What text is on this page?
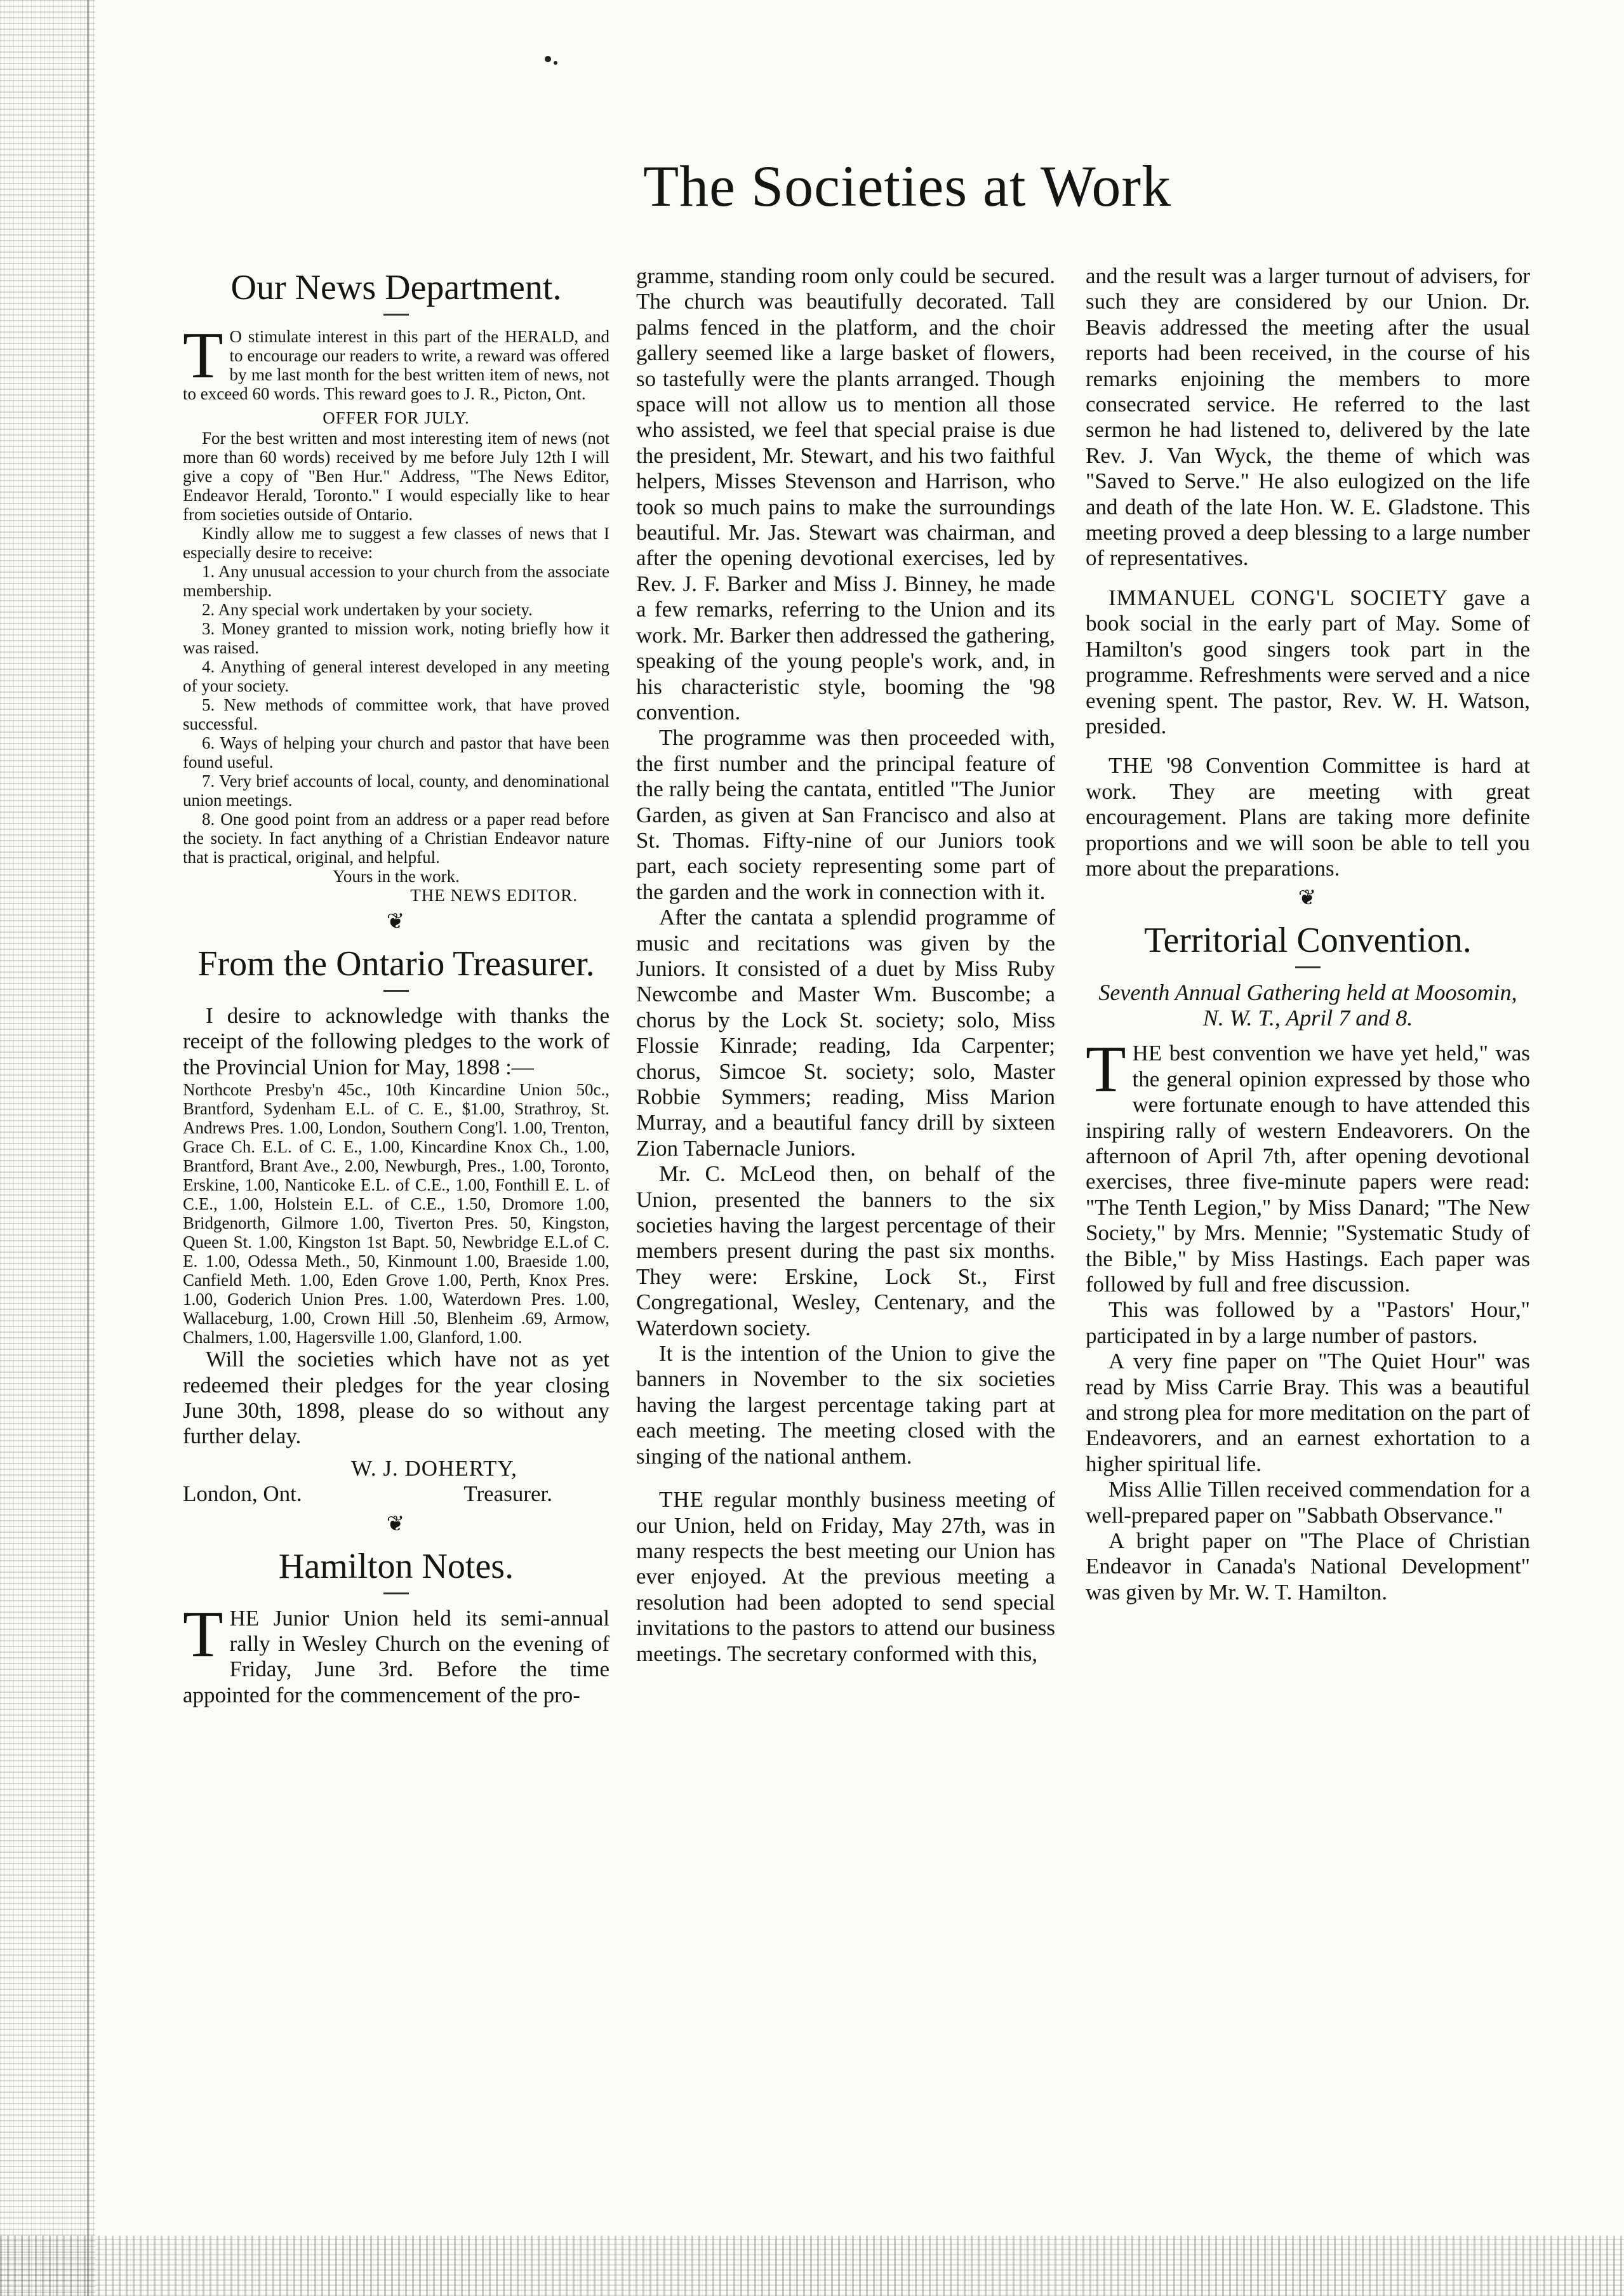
The Societies at Work
Our News Department.

T O stimulate interest in this part of the HERALD, and to encourage our readers to write, a reward was offered by me last month for the best written item of news, not to exceed 60 words. This reward goes to J. R., Picton, Ont.

OFFER FOR JULY.

For the best written and most interesting item of news (not more than 60 words) received by me before July 12th I will give a copy of "Ben Hur." Address, "The News Editor, Endeavor Herald, Toronto." I would especially like to hear from societies outside of Ontario.

Kindly allow me to suggest a few classes of news that I especially desire to receive:

1. Any unusual accession to your church from the associate membership.

2. Any special work undertaken by your society.

3. Money granted to mission work, noting briefly how it was raised.

4. Anything of general interest developed in any meeting of your society.

5. New methods of committee work, that have proved successful.

6. Ways of helping your church and pastor that have been found useful.

7. Very brief accounts of local, county, and denominational union meetings.

8. One good point from an address or a paper read before the society. In fact anything of a Christian Endeavor nature that is practical, original, and helpful.

Yours in the work.

THE NEWS EDITOR.

❦
From the Ontario Treasurer.

I desire to acknowledge with thanks the receipt of the following pledges to the work of the Provincial Union for May, 1898 :—

Northcote Presby'n 45c., 10th Kincardine Union 50c., Brantford, Sydenham E.L. of C. E., $1.00, Strathroy, St. Andrews Pres. 1.00, London, Southern Cong'l. 1.00, Trenton, Grace Ch. E.L. of C. E., 1.00, Kincardine Knox Ch., 1.00, Brantford, Brant Ave., 2.00, Newburgh, Pres., 1.00, Toronto, Erskine, 1.00, Nanticoke E.L. of C.E., 1.00, Fonthill E. L. of C.E., 1.00, Holstein E.L. of C.E., 1.50, Dromore 1.00, Bridgenorth, Gilmore 1.00, Tiverton Pres. 50, Kingston, Queen St. 1.00, Kingston 1st Bapt. 50, Newbridge E.L.of C. E. 1.00, Odessa Meth., 50, Kinmount 1.00, Braeside 1.00, Canfield Meth. 1.00, Eden Grove 1.00, Perth, Knox Pres. 1.00, Goderich Union Pres. 1.00, Waterdown Pres. 1.00, Wallaceburg, 1.00, Crown Hill .50, Blenheim .69, Armow, Chalmers, 1.00, Hagersville 1.00, Glanford, 1.00.

Will the societies which have not as yet redeemed their pledges for the year closing June 30th, 1898, please do so without any further delay.

W. J. DOHERTY,

London, Ont.	Treasurer.
❦
Hamilton Notes.

THE Junior Union held its semi-annual rally in Wesley Church on the evening of Friday, June 3rd. Before the time appointed for the commencement of the pro-

gramme, standing room only could be secured. The church was beautifully decorated. Tall palms fenced in the platform, and the choir gallery seemed like a large basket of flowers, so tastefully were the plants arranged. Though space will not allow us to mention all those who assisted, we feel that special praise is due the president, Mr. Stewart, and his two faithful helpers, Misses Stevenson and Harrison, who took so much pains to make the surroundings beautiful. Mr. Jas. Stewart was chairman, and after the opening devotional exercises, led by Rev. J. F. Barker and Miss J. Binney, he made a few remarks, referring to the Union and its work. Mr. Barker then addressed the gathering, speaking of the young people's work, and, in his characteristic style, booming the '98 convention.

The programme was then proceeded with, the first number and the principal feature of the rally being the cantata, entitled "The Junior Garden, as given at San Francisco and also at St. Thomas. Fifty-nine of our Juniors took part, each society representing some part of the garden and the work in connection with it.

After the cantata a splendid programme of music and recitations was given by the Juniors. It consisted of a duet by Miss Ruby Newcombe and Master Wm. Buscombe; a chorus by the Lock St. society; solo, Miss Flossie Kinrade; reading, Ida Carpenter; chorus, Simcoe St. society; solo, Master Robbie Symmers; reading, Miss Marion Murray, and a beautiful fancy drill by sixteen Zion Tabernacle Juniors.

Mr. C. McLeod then, on behalf of the Union, presented the banners to the six societies having the largest percentage of their members present during the past six months. They were: Erskine, Lock St., First Congregational, Wesley, Centenary, and the Waterdown society.

It is the intention of the Union to give the banners in November to the six societies having the largest percentage taking part at each meeting. The meeting closed with the singing of the national anthem.

THE regular monthly business meeting of our Union, held on Friday, May 27th, was in many respects the best meeting our Union has ever enjoyed. At the previous meeting a resolution had been adopted to send special invitations to the pastors to attend our business meetings. The secretary conformed with this,

and the result was a larger turnout of advisers, for such they are considered by our Union. Dr. Beavis addressed the meeting after the usual reports had been received, in the course of his remarks enjoining the members to more consecrated service. He referred to the last sermon he had listened to, delivered by the late Rev. J. Van Wyck, the theme of which was "Saved to Serve." He also eulogized on the life and death of the late Hon. W. E. Gladstone. This meeting proved a deep blessing to a large number of representatives.

IMMANUEL CONG'L SOCIETY gave a book social in the early part of May. Some of Hamilton's good singers took part in the programme. Refreshments were served and a nice evening spent. The pastor, Rev. W. H. Watson, presided.

THE '98 Convention Committee is hard at work. They are meeting with great encouragement. Plans are taking more definite proportions and we will soon be able to tell you more about the preparations.

❦
Territorial Convention.

Seventh Annual Gathering held at Moosomin, N. W. T., April 7 and 8.

THE best convention we have yet held," was the general opinion expressed by those who were fortunate enough to have attended this inspiring rally of western Endeavorers. On the afternoon of April 7th, after opening devotional exercises, three five-minute papers were read: "The Tenth Legion," by Miss Danard; "The New Society," by Mrs. Mennie; "Systematic Study of the Bible," by Miss Hastings. Each paper was followed by full and free discussion.

This was followed by a "Pastors' Hour," participated in by a large number of pastors.

A very fine paper on "The Quiet Hour" was read by Miss Carrie Bray. This was a beautiful and strong plea for more meditation on the part of Endeavorers, and an earnest exhortation to a higher spiritual life.

Miss Allie Tillen received commendation for a well-prepared paper on "Sabbath Observance."

A bright paper on "The Place of Christian Endeavor in Canada's National Development" was given by Mr. W. T. Hamilton.
